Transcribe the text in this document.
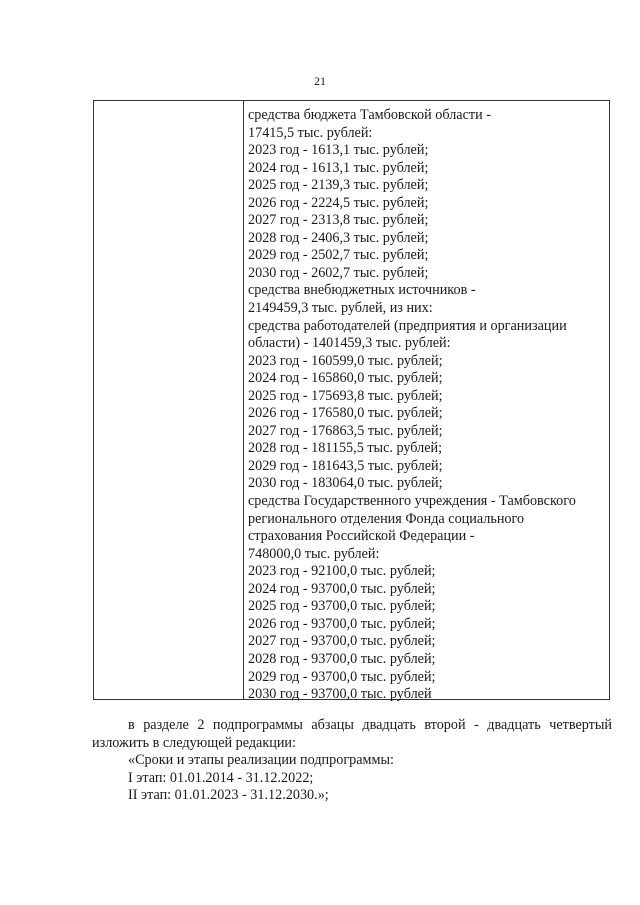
21
средства бюджета Тамбовской области -
17415,5 тыс. рублей:
2023 год - 1613,1 тыс. рублей;
2024 год - 1613,1 тыс. рублей;
2025 год - 2139,3 тыс. рублей;
2026 год - 2224,5 тыс. рублей;
2027 год - 2313,8 тыс. рублей;
2028 год - 2406,3 тыс. рублей;
2029 год - 2502,7 тыс. рублей;
2030 год - 2602,7 тыс. рублей;
средства внебюджетных источников -
2149459,3 тыс. рублей, из них:
средства работодателей (предприятия и организации
области) - 1401459,3 тыс. рублей:
2023 год - 160599,0 тыс. рублей;
2024 год - 165860,0 тыс. рублей;
2025 год - 175693,8 тыс. рублей;
2026 год - 176580,0 тыс. рублей;
2027 год - 176863,5 тыс. рублей;
2028 год - 181155,5 тыс. рублей;
2029 год - 181643,5 тыс. рублей;
2030 год - 183064,0 тыс. рублей;
средства Государственного учреждения - Тамбовского
регионального отделения Фонда социального
страхования Российской Федерации -
748000,0 тыс. рублей:
2023 год - 92100,0 тыс. рублей;
2024 год - 93700,0 тыс. рублей;
2025 год - 93700,0 тыс. рублей;
2026 год - 93700,0 тыс. рублей;
2027 год - 93700,0 тыс. рублей;
2028 год - 93700,0 тыс. рублей;
2029 год - 93700,0 тыс. рублей;
2030 год - 93700,0 тыс. рублей
в разделе 2 подпрограммы абзацы двадцать второй - двадцать четвертый изложить в следующей редакции:
«Сроки и этапы реализации подпрограммы:
I этап: 01.01.2014 - 31.12.2022;
II этап: 01.01.2023 - 31.12.2030.»;
